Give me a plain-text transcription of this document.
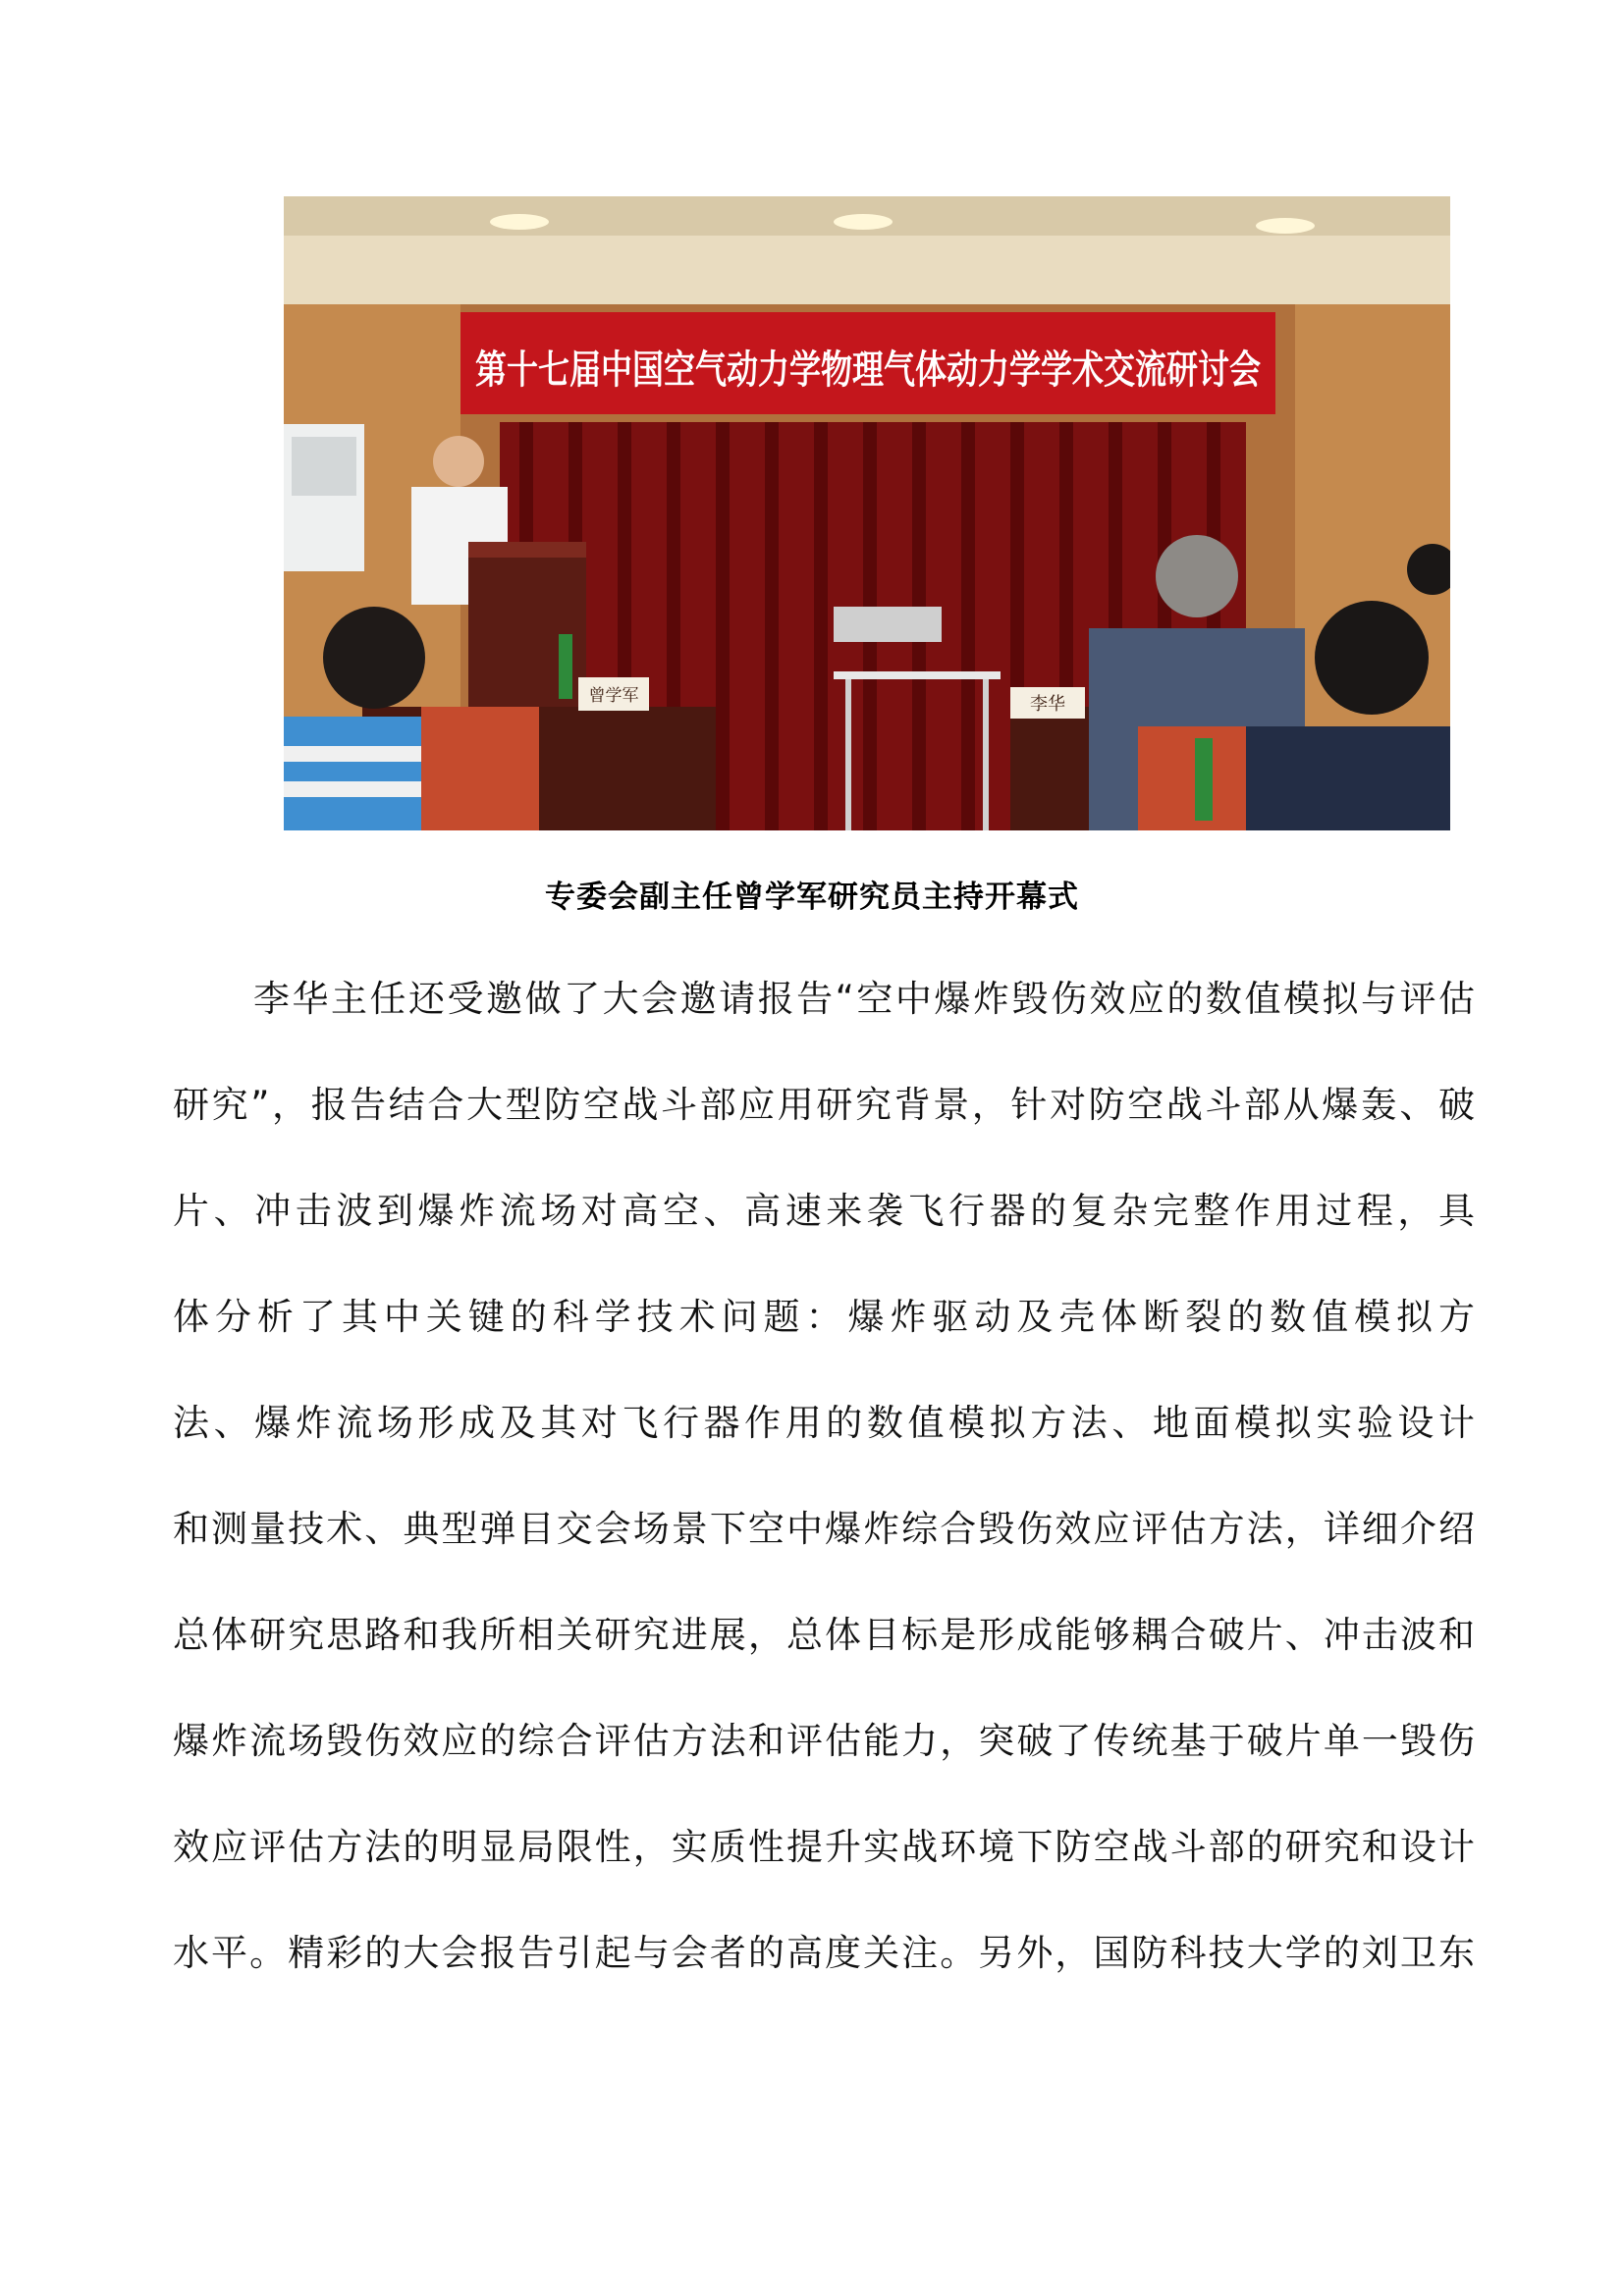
第十七届中国空气动力学物理气体动力学学术交流研讨会
曾学军	李华
专委会副主任曾学军研究员主持开幕式
李华主任还受邀做了大会邀请报告“空中爆炸毁伤效应的数值模拟与评估
研究”，报告结合大型防空战斗部应用研究背景，针对防空战斗部从爆轰、破
片、冲击波到爆炸流场对高空、高速来袭飞行器的复杂完整作用过程，具
体分析了其中关键的科学技术问题：爆炸驱动及壳体断裂的数值模拟方
法、爆炸流场形成及其对飞行器作用的数值模拟方法、地面模拟实验设计
和测量技术、典型弹目交会场景下空中爆炸综合毁伤效应评估方法，详细介绍
总体研究思路和我所相关研究进展，总体目标是形成能够耦合破片、冲击波和
爆炸流场毁伤效应的综合评估方法和评估能力，突破了传统基于破片单一毁伤
效应评估方法的明显局限性，实质性提升实战环境下防空战斗部的研究和设计
水平。精彩的大会报告引起与会者的高度关注。另外，国防科技大学的刘卫东
